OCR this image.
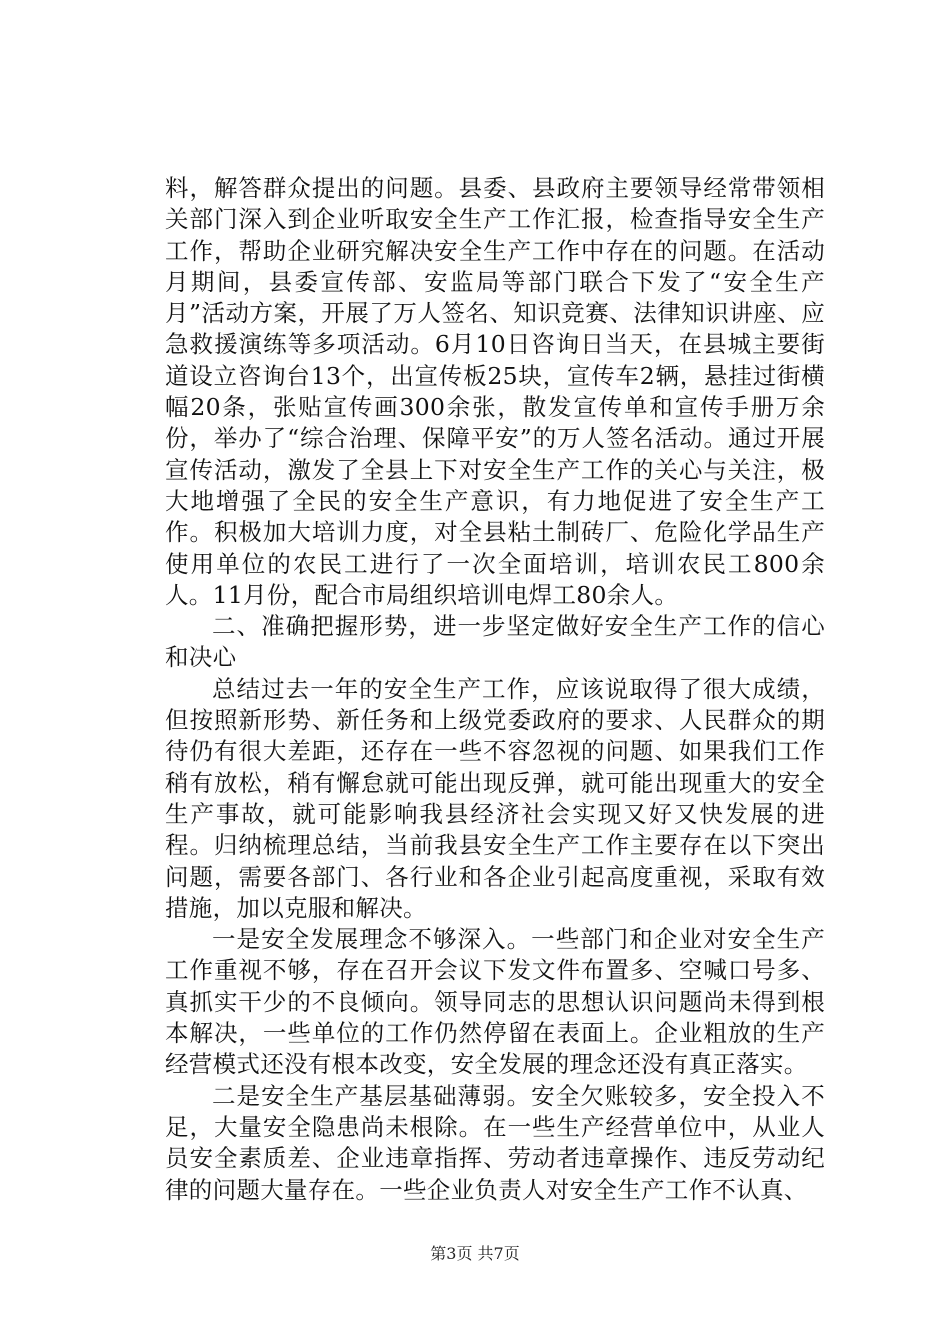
料，解答群众提出的问题。县委、县政府主要领导经常带领相关部门深入到企业听取安全生产工作汇报，检查指导安全生产工作，帮助企业研究解决安全生产工作中存在的问题。在活动月期间，县委宣传部、安监局等部门联合下发了“安全生产月”活动方案，开展了万人签名、知识竞赛、法律知识讲座、应急救援演练等多项活动。6月10日咨询日当天，在县城主要街道设立咨询台13个，出宣传板25块，宣传车2辆，悬挂过街横幅20条，张贴宣传画300余张，散发宣传单和宣传手册万余份，举办了“综合治理、保障平安”的万人签名活动。通过开展宣传活动，激发了全县上下对安全生产工作的关心与关注，极大地增强了全民的安全生产意识，有力地促进了安全生产工作。积极加大培训力度，对全县粘土制砖厂、危险化学品生产使用单位的农民工进行了一次全面培训，培训农民工800余人。11月份，配合市局组织培训电焊工80余人。

二、准确把握形势，进一步坚定做好安全生产工作的信心和决心

总结过去一年的安全生产工作，应该说取得了很大成绩，但按照新形势、新任务和上级党委政府的要求、人民群众的期待仍有很大差距，还存在一些不容忽视的问题、如果我们工作稍有放松，稍有懈怠就可能出现反弹，就可能出现重大的安全生产事故，就可能影响我县经济社会实现又好又快发展的进程。归纳梳理总结，当前我县安全生产工作主要存在以下突出问题，需要各部门、各行业和各企业引起高度重视，采取有效措施，加以克服和解决。

一是安全发展理念不够深入。一些部门和企业对安全生产工作重视不够，存在召开会议下发文件布置多、空喊口号多、真抓实干少的不良倾向。领导同志的思想认识问题尚未得到根本解决，一些单位的工作仍然停留在表面上。企业粗放的生产经营模式还没有根本改变，安全发展的理念还没有真正落实。

二是安全生产基层基础薄弱。安全欠账较多，安全投入不足，大量安全隐患尚未根除。在一些生产经营单位中，从业人员安全素质差、企业违章指挥、劳动者违章操作、违反劳动纪律的问题大量存在。一些企业负责人对安全生产工作不认真、

第3页 共7页
